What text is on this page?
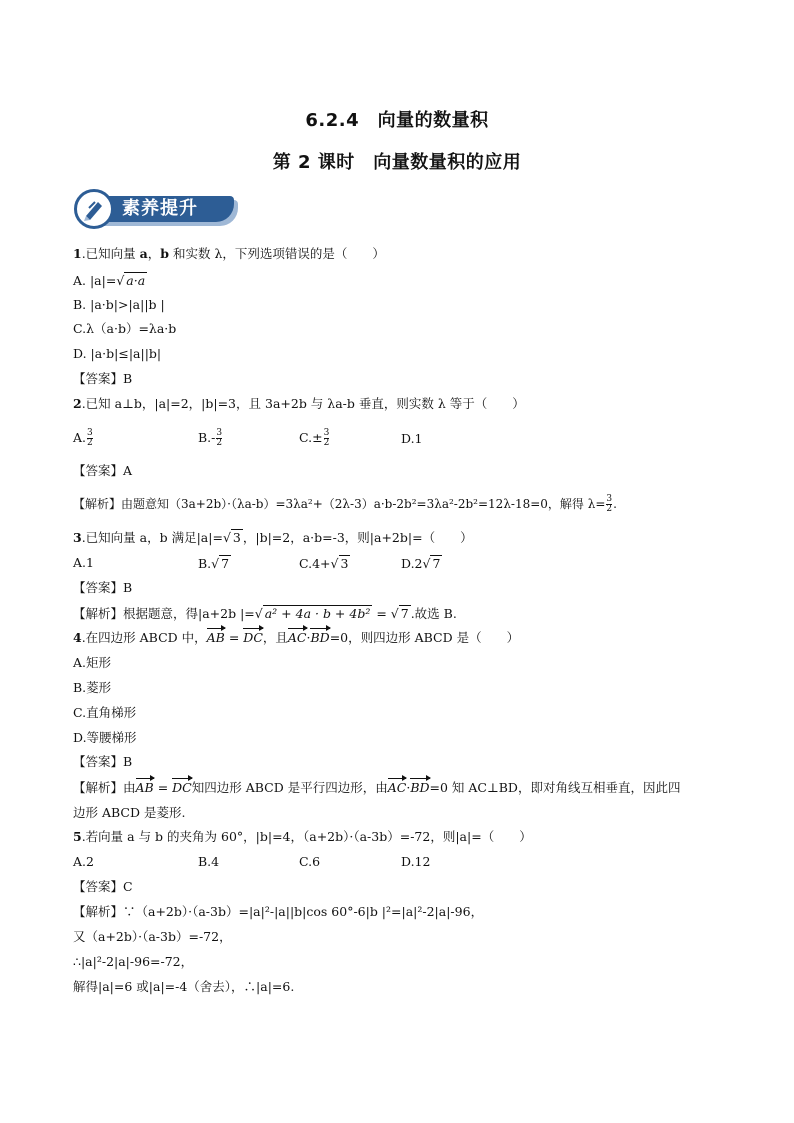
6.2.4　向量的数量积
第 2 课时　向量数量积的应用
素养提升
1.已知向量 a，b 和实数 λ，下列选项错误的是（　　）
A. |a|=√ a·a
B. |a·b|>|a||b |
C.λ（a·b）=λa·b
D. |a·b|≤|a||b|
【答案】B
2.已知 a⊥b，|a|=2，|b|=3，且 3a+2b 与 λa-b 垂直，则实数 λ 等于（　　）
A. $\frac{3}{2}$	$B.- \frac{3}{2}$	$C.\pm \frac{3}{2}$	D.1
【答案】A
【解析】由题意知（3a+2b）·（λa-b）=3λa²+（2λ-3）a·b-2b²=3λa²-2b²=12λ-18=0，解得 $\lambda= \frac{3}{2}$ .
3.已知向量 a，b 满足|a|=√ 3 ，|b|=2，a·b=-3，则|a+2b|=（　　）
A.1	B.√ 7	C.4+√ 3	D.2√ 7
【答案】B
【解析】根据题意，得|a+2b |=√ a² + 4a · b + 4b² = √ 7 .故选 B.
4.在四边形 ABCD 中，AB = DC，且AC·BD=0，则四边形 ABCD 是（　　）
A.矩形
B.菱形
C.直角梯形
D.等腰梯形
【答案】B
【解析】由AB = DC知四边形 ABCD 是平行四边形，由AC·BD=0 知 AC⊥BD，即对角线互相垂直，因此四
边形 ABCD 是菱形.
5.若向量 a 与 b 的夹角为 60°，|b|=4，（a+2b）·（a-3b）=-72，则|a|=（　　）
A.2	B.4	C.6	D.12
【答案】C
【解析】∵（a+2b）·（a-3b）=|a|²-|a||b|cos 60°-6|b |²=|a|²-2|a|-96，
又（a+2b）·（a-3b）=-72，
∴|a|²-2|a|-96=-72，
解得|a|=6 或|a|=-4（舍去），∴|a|=6.
